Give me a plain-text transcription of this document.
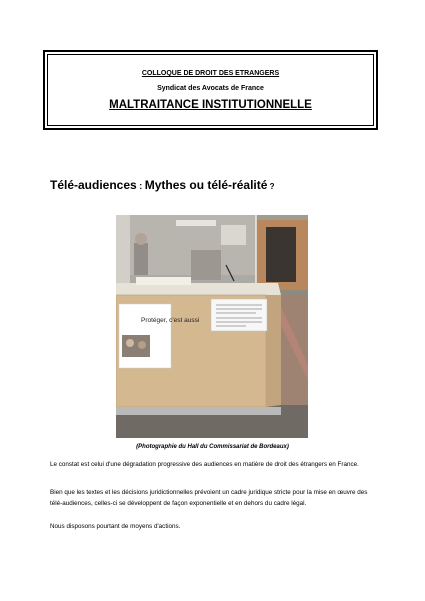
COLLOQUE DE DROIT DES ETRANGERS
Syndicat des Avocats de France
MALTRAITANCE INSTITUTIONNELLE
Télé-audiences : Mythes ou télé-réalité ?
Protéger, c'est aussi
(Photographie du Hall du Commissariat de Bordeaux)

Le constat est celui d'une dégradation progressive des audiences en matière de droit des étrangers en France.

Bien que les textes et les décisions juridictionnelles prévoient un cadre juridique stricte pour la mise en œuvre des télé-audiences, celles-ci se développent de façon exponentielle et en dehors du cadre légal.

Nous disposons pourtant de moyens d'actions.
